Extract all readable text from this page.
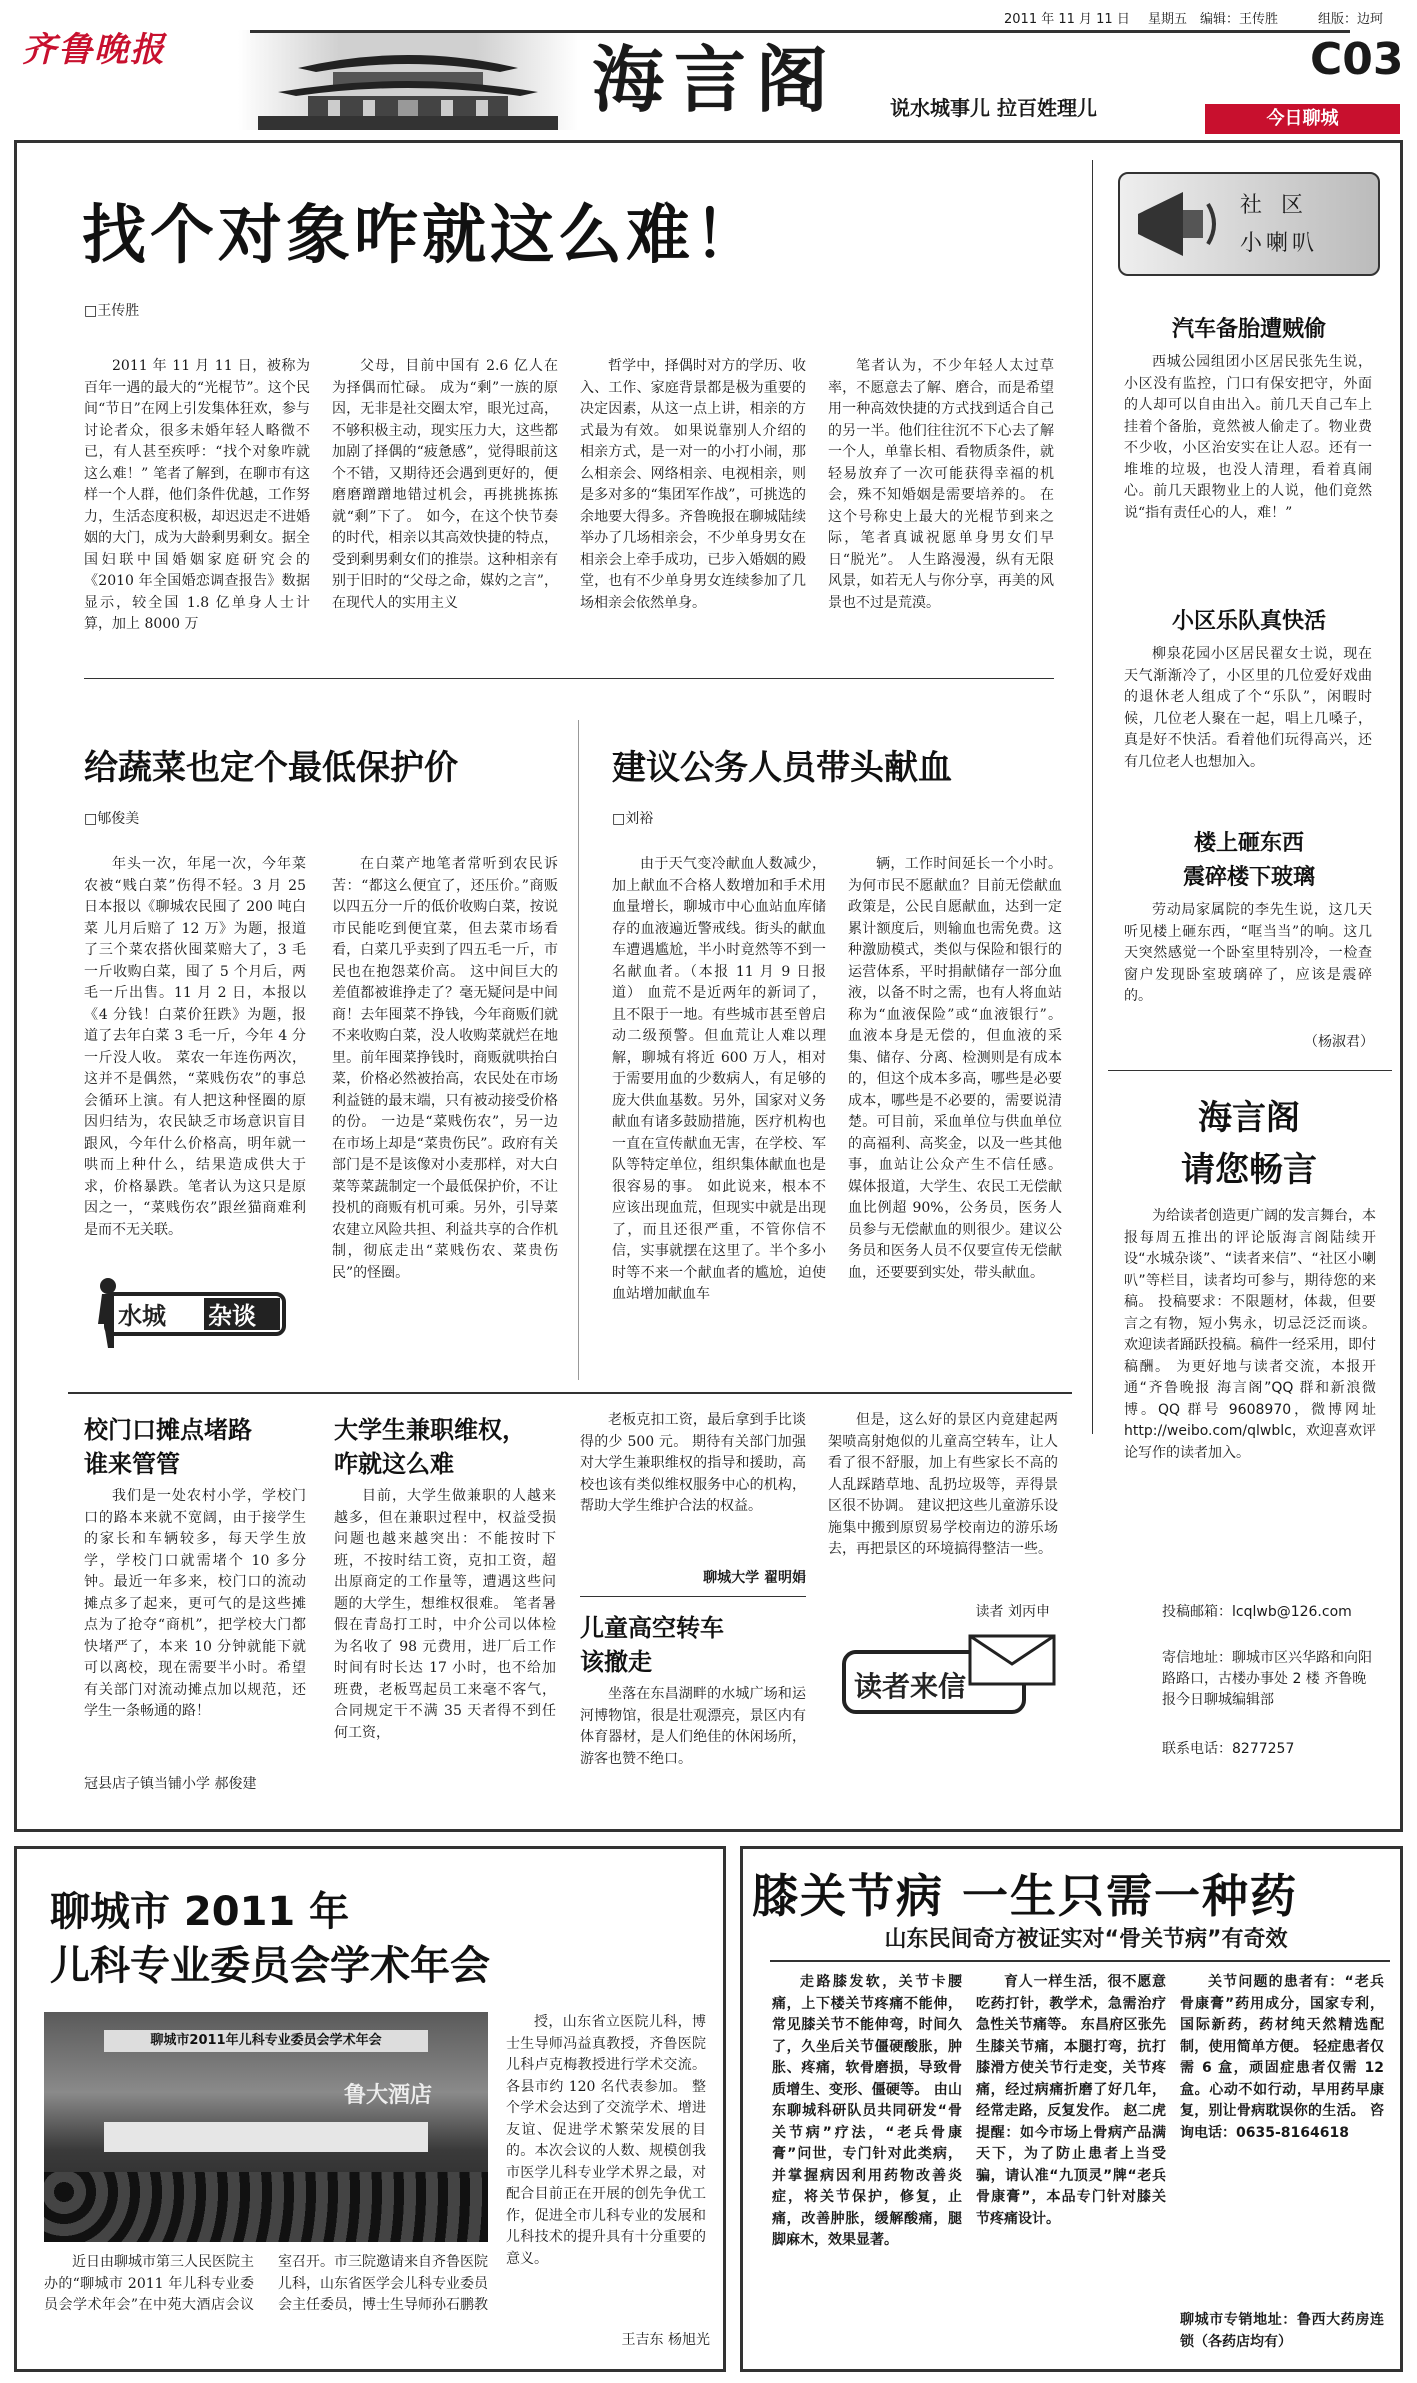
齐鲁晚报
2011 年 11 月 11 日 星期五 编辑：王传胜	组版：边珂
海言阁	说水城事儿 拉百姓理儿
C03
今日聊城
找个对象咋就这么难！
□王传胜

2011 年 11 月 11 日，被称为百年一遇的最大的“光棍节”。这个民间“节日”在网上引发集体狂欢，参与讨论者众，很多未婚年轻人略微不已，有人甚至疾呼：“找个对象咋就这么难！” 笔者了解到，在聊市有这样一个人群，他们条件优越，工作努力，生活态度积极，却迟迟走不进婚姻的大门，成为大龄剩男剩女。据全国妇联中国婚姻家庭研究会的《2010 年全国婚恋调查报告》数据显示，较全国 1.8 亿单身人士计算，加上 8000 万

父母，目前中国有 2.6 亿人在为择偶而忙碌。 成为“剩”一族的原因，无非是社交圈太窄，眼光过高，不够积极主动，现实压力大，这些都加剧了择偶的“疲惫感”，觉得眼前这个不错，又期待还会遇到更好的，便磨磨蹭蹭地错过机会，再挑挑拣拣就“剩”下了。 如今，在这个快节奏的时代，相亲以其高效快捷的特点，受到剩男剩女们的推崇。这种相亲有别于旧时的“父母之命，媒妁之言”，在现代人的实用主义

哲学中，择偶时对方的学历、收入、工作、家庭背景都是极为重要的决定因素，从这一点上讲，相亲的方式最为有效。 如果说靠别人介绍的相亲方式，是一对一的小打小闹，那么相亲会、网络相亲、电视相亲，则是多对多的“集团军作战”，可挑选的余地要大得多。齐鲁晚报在聊城陆续举办了几场相亲会，不少单身男女在相亲会上牵手成功，已步入婚姻的殿堂，也有不少单身男女连续参加了几场相亲会依然单身。

笔者认为，不少年轻人太过草率，不愿意去了解、磨合，而是希望用一种高效快捷的方式找到适合自己的另一半。他们往往沉不下心去了解一个人，单靠长相、看物质条件，就轻易放弃了一次可能获得幸福的机会，殊不知婚姻是需要培养的。 在这个号称史上最大的光棍节到来之际，笔者真诚祝愿单身男女们早日“脱光”。 人生路漫漫，纵有无限风景，如若无人与你分享，再美的风景也不过是荒漠。

给蔬菜也定个最低保护价
□郇俊美

年头一次，年尾一次，今年菜农被“贱白菜”伤得不轻。3 月 25 日本报以《聊城农民囤了 200 吨白菜 儿月后赔了 12 万》为题，报道了三个菜农搭伙囤菜赔大了，3 毛一斤收购白菜，囤了 5 个月后，两毛一斤出售。11 月 2 日，本报以《4 分钱！白菜价狂跌》为题，报道了去年白菜 3 毛一斤，今年 4 分一斤没人收。 菜农一年连伤两次，这并不是偶然，“菜贱伤农”的事总会循环上演。有人把这种怪圈的原因归结为，农民缺乏市场意识盲目跟风，今年什么价格高，明年就一哄而上种什么，结果造成供大于求，价格暴跌。笔者认为这只是原因之一，“菜贱伤农”跟丝猫商难利是而不无关联。

在白菜产地笔者常听到农民诉苦：“都这么便宜了，还压价。”商贩以四五分一斤的低价收购白菜，按说市民能吃到便宜菜，但去菜市场看看，白菜几乎卖到了四五毛一斤，市民也在抱怨菜价高。 这中间巨大的差值都被谁挣走了？毫无疑问是中间商！去年囤菜不挣钱，今年商贩们就不来收购白菜，没人收购菜就烂在地里。前年囤菜挣钱时，商贩就哄抬白菜，价格必然被抬高，农民处在市场利益链的最末端，只有被动接受价格的份。 一边是“菜贱伤农”，另一边在市场上却是“菜贵伤民”。政府有关部门是不是该像对小麦那样，对大白菜等菜蔬制定一个最低保护价，不让投机的商贩有机可乘。另外，引导菜农建立风险共担、利益共享的合作机制，彻底走出“菜贱伤农、菜贵伤民”的怪圈。

水城 杂谈
建议公务人员带头献血
□刘裕

由于天气变冷献血人数减少，加上献血不合格人数增加和手术用血量增长，聊城市中心血站血库储存的血液遍近警戒线。街头的献血车遭遇尴尬，半小时竟然等不到一名献血者。（本报 11 月 9 日报道） 血荒不是近两年的新词了，且不限于一地。有些城市甚至曾启动二级预警。但血荒让人难以理解，聊城有将近 600 万人，相对于需要用血的少数病人，有足够的庞大供血基数。另外，国家对义务献血有诸多鼓励措施，医疗机构也一直在宣传献血无害，在学校、军队等特定单位，组织集体献血也是很容易的事。 如此说来，根本不应该出现血荒，但现实中就是出现了，而且还很严重，不管你信不信，实事就摆在这里了。半个多小时等不来一个献血者的尴尬，迫使血站增加献血车

辆，工作时间延长一个小时。 为何市民不愿献血？目前无偿献血政策是，公民自愿献血，达到一定累计额度后，则输血也需免费。这种激励模式，类似与保险和银行的运营体系，平时捐献储存一部分血液，以备不时之需，也有人将血站称为“血液保险”或“血液银行”。 血液本身是无偿的，但血液的采集、储存、分离、检测则是有成本的，但这个成本多高，哪些是必要成本，哪些是不必要的，需要说清楚。可目前，采血单位与供血单位的高福利、高奖金，以及一些其他事，血站让公众产生不信任感。 媒体报道，大学生、农民工无偿献血比例超 90%，公务员，医务人员参与无偿献血的则很少。建议公务员和医务人员不仅要宣传无偿献血，还要要到实处，带头献血。

社 区
小喇叭
汽车备胎遭贼偷

西城公园组团小区居民张先生说，小区没有监控，门口有保安把守，外面的人却可以自由出入。前几天自己车上挂着个备胎，竟然被人偷走了。物业费不少收，小区治安实在让人忍。还有一堆堆的垃圾，也没人清理，看着真闹心。前几天跟物业上的人说，他们竟然说“指有责任心的人，难！”

小区乐队真快活

柳泉花园小区居民翟女士说，现在天气渐渐冷了，小区里的几位爱好戏曲的退休老人组成了个“乐队”，闲暇时候，几位老人聚在一起，唱上几嗓子，真是好不快活。看着他们玩得高兴，还有几位老人也想加入。

楼上砸东西
震碎楼下玻璃

劳动局家属院的李先生说，这几天听见楼上砸东西，“哐当当”的响。这几天突然感觉一个卧室里特别冷，一检查窗户发现卧室玻璃碎了，应该是震碎的。

（杨淑君）
海言阁
请您畅言

为给读者创造更广阔的发言舞台，本报每周五推出的评论版海言阁陆续开设“水城杂谈”、“读者来信”、“社区小喇叭”等栏目，读者均可参与，期待您的来稿。 投稿要求：不限题材，体裁，但要言之有物，短小隽永，切忌泛泛而谈。 欢迎读者踊跃投稿。稿件一经采用，即付稿酬。 为更好地与读者交流，本报开通“齐鲁晚报 海言阁”QQ 群和新浪微博。QQ 群号 9608970，微博网址 http://weibo.com/qlwblc，欢迎喜欢评论写作的读者加入。

投稿邮箱：lcqlwb@126.com
寄信地址：聊城市区兴华路和向阳路路口，古楼办事处 2 楼 齐鲁晚报今日聊城编辑部
联系电话：8277257
校门口摊点堵路
谁来管管

我们是一处农村小学，学校门口的路本来就不宽阔，由于接学生的家长和车辆较多，每天学生放学，学校门口就需堵个 10 多分钟。最近一年多来，校门口的流动摊点多了起来，更可气的是这些摊点为了抢夺“商机”，把学校大门都快堵严了，本来 10 分钟就能下就可以离校，现在需要半小时。希望有关部门对流动摊点加以规范，还学生一条畅通的路！

冠县店子镇当铺小学 郝俊建
大学生兼职维权，
咋就这么难

目前，大学生做兼职的人越来越多，但在兼职过程中，权益受损问题也越来越突出：不能按时下班，不按时结工资，克扣工资，超出原商定的工作量等，遭遇这些问题的大学生，想维权很难。 笔者暑假在青岛打工时，中介公司以体检为名收了 98 元费用，进厂后工作时间有时长达 17 小时，也不给加班费，老板骂起员工来毫不客气，合同规定干不满 35 天者得不到任何工资，

老板克扣工资，最后拿到手比谈得的少 500 元。 期待有关部门加强对大学生兼职维权的指导和援助，高校也该有类似维权服务中心的机构，帮助大学生维护合法的权益。

聊城大学 翟明娟
儿童高空转车
该撤走

坐落在东昌湖畔的水城广场和运河博物馆，很是壮观漂亮，景区内有体育器材，是人们绝佳的休闲场所，游客也赞不绝口。

但是，这么好的景区内竟建起两架喷高射炮似的儿童高空转车，让人看了很不舒服，加上有些家长不高的人乱踩踏草地、乱扔垃圾等，弄得景区很不协调。 建议把这些儿童游乐设施集中搬到原贸易学校南边的游乐场去，再把景区的环境搞得整洁一些。

读者 刘丙申
读者来信
聊城市 2011 年
儿科专业委员会学术年会
聊城市2011年儿科专业委员会学术年会
鲁大酒店

近日由聊城市第三人民医院主办的“聊城市 2011 年儿科专业委员会学术年会”在中苑大酒店会议室召开。市三院邀请来自齐鲁医院儿科，山东省医学会儿科专业委员会主任委员，博士生导师孙石鹏教

授，山东省立医院儿科，博士生导师冯益真教授，齐鲁医院儿科卢克梅教授进行学术交流。各县市约 120 名代表参加。 整个学术会达到了交流学术、增进友谊、促进学术繁荣发展的目的。本次会议的人数、规模创我市医学儿科专业学术界之最，对配合目前正在开展的创先争优工作，促进全市儿科专业的发展和儿科技术的提升具有十分重要的意义。

王吉东 杨旭光
膝关节病 一生只需一种药
山东民间奇方被证实对“骨关节病”有奇效

走路膝发软，关节卡腰痛，上下楼关节疼痛不能伸，常见膝关节不能伸弯，时间久了，久坐后关节僵硬酸胀，肿胀、疼痛，软骨磨损，导致骨质增生、变形、僵硬等。 由山东聊城科研队员共同研发“骨关节病”疗法，“老兵骨康膏”问世，专门针对此类病，并掌握病因利用药物改善炎症，将关节保护，修复，止痛，改善肿胀，缓解酸痛，腿脚麻木，效果显著。

育人一样生活，很不愿意吃药打针，教学术，急需治疗急性关节痛等。 东昌府区张先生膝关节痛，本腿打弯，抗打膝滑方使关节行走变，关节疼痛，经过病痛折磨了好几年，经常走路，反复发作。 赵二虎提醒：如今市场上骨病产品满天下，为了防止患者上当受骗，请认准“九顶灵”牌“老兵骨康膏”，本品专门针对膝关节疼痛设计。

关节问题的患者有：“老兵骨康膏”药用成分，国家专利，国际新药，药材纯天然精选配制，使用简单方便。 轻症患者仅需 6 盒，顽固症患者仅需 12 盒。心动不如行动，早用药早康复，别让骨病耽误你的生活。 咨询电话：0635-8164618

聊城市专销地址：鲁西大药房连锁（各药店均有）
